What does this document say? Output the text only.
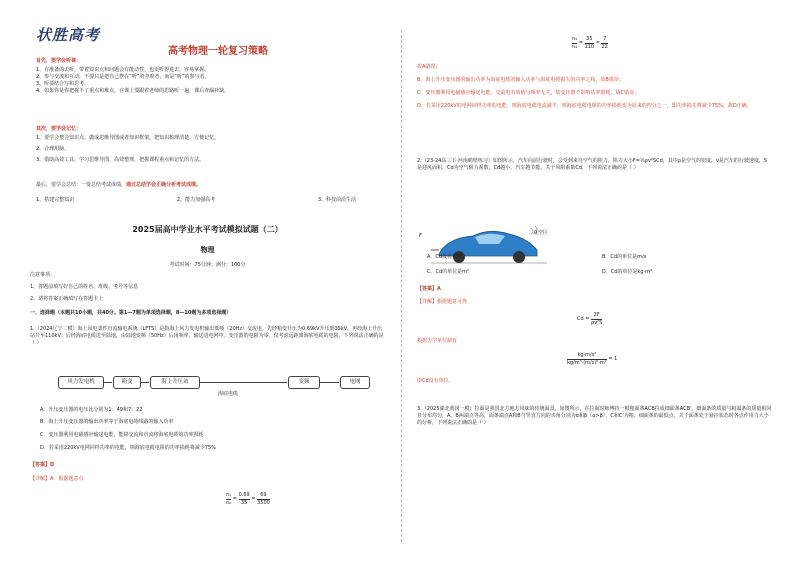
状胜高考
高考物理一轮复习策略
首先，要学会听课：
1、有准备的去听，带着知识点和问题会有能动性，也更听得进去，容易掌握。
2、参与交流和互动，不要只是把自己摆在“听”的旁观者，而是“听”的参与者。
3、听要结合写和思考。
4、如果你是你把握不了重点和难点，在课上要跟着老师的思路听一遍，课后查漏补缺。
其次，要学会记忆：
1、要学会整合知识点，做成思维导图或者知识框架，把知识梳理清楚，方便记忆。
2、合理用脑。
3、借助高效工具，学习思维导图，高效整理，把握课程重点和记忆的方法。
最后，要学会总结：一要总结考试成绩，通过总结学会正确分析考试成绩。
1、搭建完整知识	2、能力加强高考	3、科技前沿生活
2025届高中学业水平考试模拟试题（二）
物理
考试时间：75分钟；满分：100分
注意事项：
1、答题前填写好自己的姓名、班级、考号等信息
2、请将答案正确填写在答题卡上
一、选择题（本题共10小题，共40分。第1—7题为单项选择题，8—10题为多项选择题）
1.（2024辽宁二模）海上风电柔性直流输电系统（LFTS）是指海上风力发电机输出低频（20Hz）交流电，先经箱变升压为0.69kV升压到35kV，再经海上升压站升至110kV；后经海底电缆送至陆地，由陆地变频（50Hz）后用频率，输送进电网中。变压器的电阻为零，仅考虑远距离海底电缆的电阻，下列说法正确的是（ ）
风力发电机	箱变	海上升压站
海底电缆
变频	电网
A．升压变压器的电压比分别为1：49和7：22
B．海上升压变压器的输出功率等于海底电缆线路的输入功率
C．变压器利用电磁感应输送电能，能降交流和直流将海底电缆的功率损耗
D．若采用220kV电网同样功率的电能，则海底电缆电阻的功率损耗将减少75%
【答案】D
【详解】A．根据题意有
$\frac{\text{n₁}}{\text{n₂}} = \frac{0.69}{35} = \frac{69}{3500}$
$\frac{\text{n₃}}{\text{n₄}} = \frac{35}{110} = \frac{7}{22}$
故A错误；
B．海上升压变压器的输出功率为海底电缆的输入功率与海底电缆损失的功率之和，故B错误；
C．变压器利用电磁感应输送电能，交流电有效值与频率无关，故变压器不影响功率损耗，故C错误；
D．若采用220kV的电网同样功率的电能，则海底电缆电流减半，则海底电缆电阻的功率损耗变为原来的四分之一，即功率损失将减少75%，故D正确。
2.（23-24高三下·河南鹤壁练习）如图所示，汽车向前行驶时，会受到来自空气的阻力，阻力大小F=½ρv²SCd，其中ρ是空气的密度，v是汽车的行驶速度，S是迎风面积，Cd为空气阻力系数，Cd越小，汽车越节能。关于风阻系数Cd，下列说法正确的是（ ）
F	真空区
A．Cd没有单位	B．Cd的单位是m/s
C．Cd的单位是m²	D．Cd的单位是kg·m³
【答案】A
【详解】根据题意可得
$Cd = \frac{2F}{\text{ρv²S}}$
根据力学单位制有
$\frac{\text{kg·m/s²}}{\text{kg/m³·(m/s)²·m²}} = 1$
即Cd没有单位。
3.（2025湖北黄冈一模）拉面是我国北方地方风味的传统面食，如图所示，在拉面时师傅持一根粗面条ACB拉成细面条ACB'，细面条的质量与粗面条的质量相同且分布均匀，A、B两端点等高，面条端点A和B与竖直方向的夹角分别为α和β（α>β），C和C'为粗、细面条的最低点，关于面条处于悬挂状态时各点作用力大小的分析，下列说法正确的是（ ）
